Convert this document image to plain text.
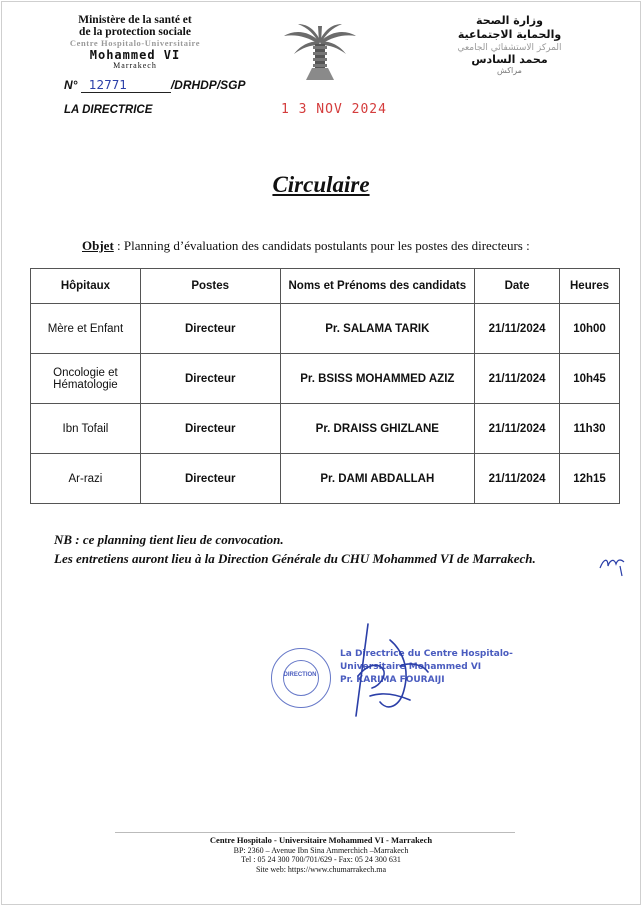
Ministère de la santé et
de la protection sociale
Centre Hospitalo-Universitaire
Mohammed VI
Marrakech
وزارة الصحة
والحماية الاجتماعية
المركز الاستشفائي الجامعي
محمد السادس
مراكش
N° 12771	/DRHDP/SGP
LA DIRECTRICE	1 3 NOV 2024
Circulaire
Objet : Planning d’évaluation des candidats postulants pour les postes des directeurs :
Hôpitaux	Postes	Noms et Prénoms des candidats	Date	Heures
Mère et Enfant	Directeur	Pr. SALAMA TARIK	21/11/2024	10h00
Oncologie et Hématologie	Directeur	Pr. BSISS MOHAMMED AZIZ	21/11/2024	10h45
Ibn Tofail	Directeur	Pr. DRAISS GHIZLANE	21/11/2024	11h30
Ar-razi	Directeur	Pr. DAMI ABDALLAH	21/11/2024	12h15
NB : ce planning tient lieu de convocation.
Les entretiens auront lieu à la Direction Générale du CHU Mohammed VI de Marrakech.
DIRECTION
La Directrice du Centre Hospitalo-
Universitaire Mohammed VI
Pr. KARIMA FOURAIJI
Centre Hospitalo - Universitaire Mohammed VI - Marrakech
BP: 2360 – Avenue Ibn Sina Ammerchich –Marrakech
Tel : 05 24 300 700/701/629 - Fax: 05 24 300 631
Site web: https://www.chumarrakech.ma
